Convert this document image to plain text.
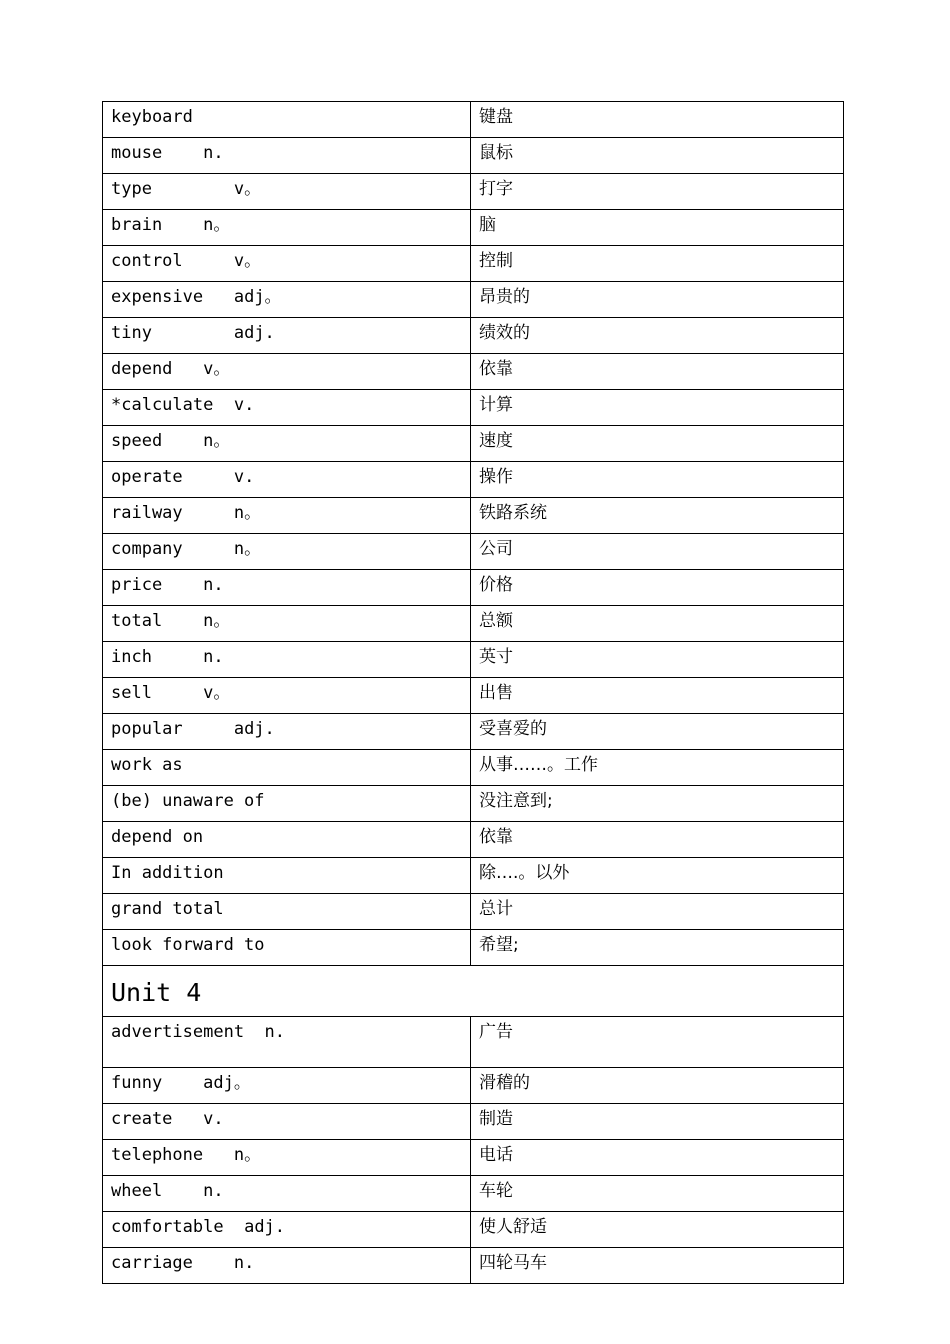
keyboard	键盘
mouse n.	鼠标
type v。	打字
brain n。	脑
control v。	控制
expensive adj。	昂贵的
tiny adj.	绩效的
depend v。	依靠
*calculate v.	计算
speed n。	速度
operate v.	操作
railway n。	铁路系统
company n。	公司
price n.	价格
total n。	总额
inch n.	英寸
sell v。	出售
popular adj.	受喜爱的
work as	从事……。工作
(be) unaware of	没注意到;
depend on	依靠
In addition	除….。以外
grand total	总计
look forward to	希望;
Unit 4	
advertisement n.	广告
funny adj。	滑稽的
create v.	制造
telephone n。	电话
wheel n.	车轮
comfortable adj.	使人舒适
carriage n.	四轮马车
